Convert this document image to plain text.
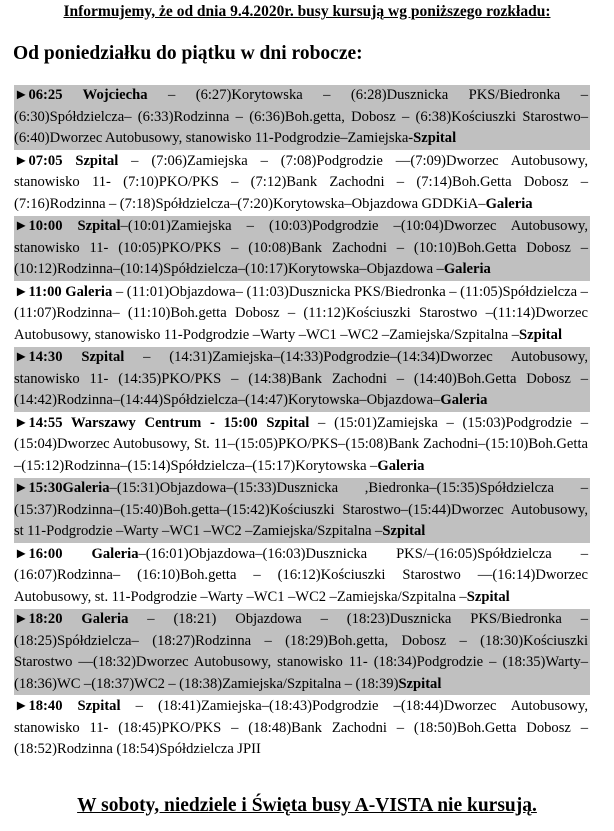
Informujemy, że od dnia 9.4.2020r. busy kursują wg poniższego rozkładu:
Od poniedziałku do piątku w dni robocze:
►06:25 Wojciecha – (6:27)Korytowska – (6:28)Dusznicka PKS/Biedronka – (6:30)Spółdzielcza– (6:33)Rodzinna – (6:36)Boh.getta, Dobosz – (6:38)Kościuszki Starostwo–(6:40)Dworzec Autobusowy, stanowisko 11-Podgrodzie–Zamiejska-Szpital
►07:05 Szpital – (7:06)Zamiejska – (7:08)Podgrodzie —(7:09)Dworzec Autobusowy, stanowisko 11- (7:10)PKO/PKS – (7:12)Bank Zachodni – (7:14)Boh.Getta Dobosz – (7:16)Rodzinna – (7:18)Spółdzielcza–(7:20)Korytowska–Objazdowa GDDKiA–Galeria
►10:00 Szpital–(10:01)Zamiejska – (10:03)Podgrodzie –(10:04)Dworzec Autobusowy, stanowisko 11- (10:05)PKO/PKS – (10:08)Bank Zachodni – (10:10)Boh.Getta Dobosz – (10:12)Rodzinna–(10:14)Spółdzielcza–(10:17)Korytowska–Objazdowa –Galeria
►11:00 Galeria – (11:01)Objazdowa– (11:03)Dusznicka PKS/Biedronka – (11:05)Spółdzielcza – (11:07)Rodzinna– (11:10)Boh.getta Dobosz – (11:12)Kościuszki Starostwo –(11:14)Dworzec Autobusowy, stanowisko 11-Podgrodzie –Warty –WC1 –WC2 –Zamiejska/Szpitalna –Szpital
►14:30 Szpital – (14:31)Zamiejska–(14:33)Podgrodzie–(14:34)Dworzec Autobusowy, stanowisko 11- (14:35)PKO/PKS – (14:38)Bank Zachodni – (14:40)Boh.Getta Dobosz – (14:42)Rodzinna–(14:44)Spółdzielcza–(14:47)Korytowska–Objazdowa–Galeria
►14:55 Warszawy Centrum - 15:00 Szpital – (15:01)Zamiejska – (15:03)Podgrodzie –(15:04)Dworzec Autobusowy, St. 11–(15:05)PKO/PKS–(15:08)Bank Zachodni–(15:10)Boh.Getta –(15:12)Rodzinna–(15:14)Spółdzielcza–(15:17)Korytowska –Galeria
►15:30Galeria–(15:31)Objazdowa–(15:33)Dusznicka ,Biedronka–(15:35)Spółdzielcza –(15:37)Rodzinna–(15:40)Boh.getta–(15:42)Kościuszki Starostwo–(15:44)Dworzec Autobusowy, st 11-Podgrodzie –Warty –WC1 –WC2 –Zamiejska/Szpitalna –Szpital
►16:00 Galeria–(16:01)Objazdowa–(16:03)Dusznicka PKS/–(16:05)Spółdzielcza –(16:07)Rodzinna– (16:10)Boh.getta – (16:12)Kościuszki Starostwo —(16:14)Dworzec Autobusowy, st. 11-Podgrodzie –Warty –WC1 –WC2 –Zamiejska/Szpitalna –Szpital
►18:20 Galeria – (18:21) Objazdowa – (18:23)Dusznicka PKS/Biedronka – (18:25)Spółdzielcza– (18:27)Rodzinna – (18:29)Boh.getta, Dobosz – (18:30)Kościuszki Starostwo —(18:32)Dworzec Autobusowy, stanowisko 11- (18:34)Podgrodzie – (18:35)Warty–(18:36)WC –(18:37)WC2 – (18:38)Zamiejska/Szpitalna – (18:39)Szpital
►18:40 Szpital – (18:41)Zamiejska–(18:43)Podgrodzie –(18:44)Dworzec Autobusowy, stanowisko 11- (18:45)PKO/PKS – (18:48)Bank Zachodni – (18:50)Boh.Getta Dobosz – (18:52)Rodzinna (18:54)Spółdzielcza JPII
W soboty, niedziele i Święta busy A-VISTA nie kursują.
